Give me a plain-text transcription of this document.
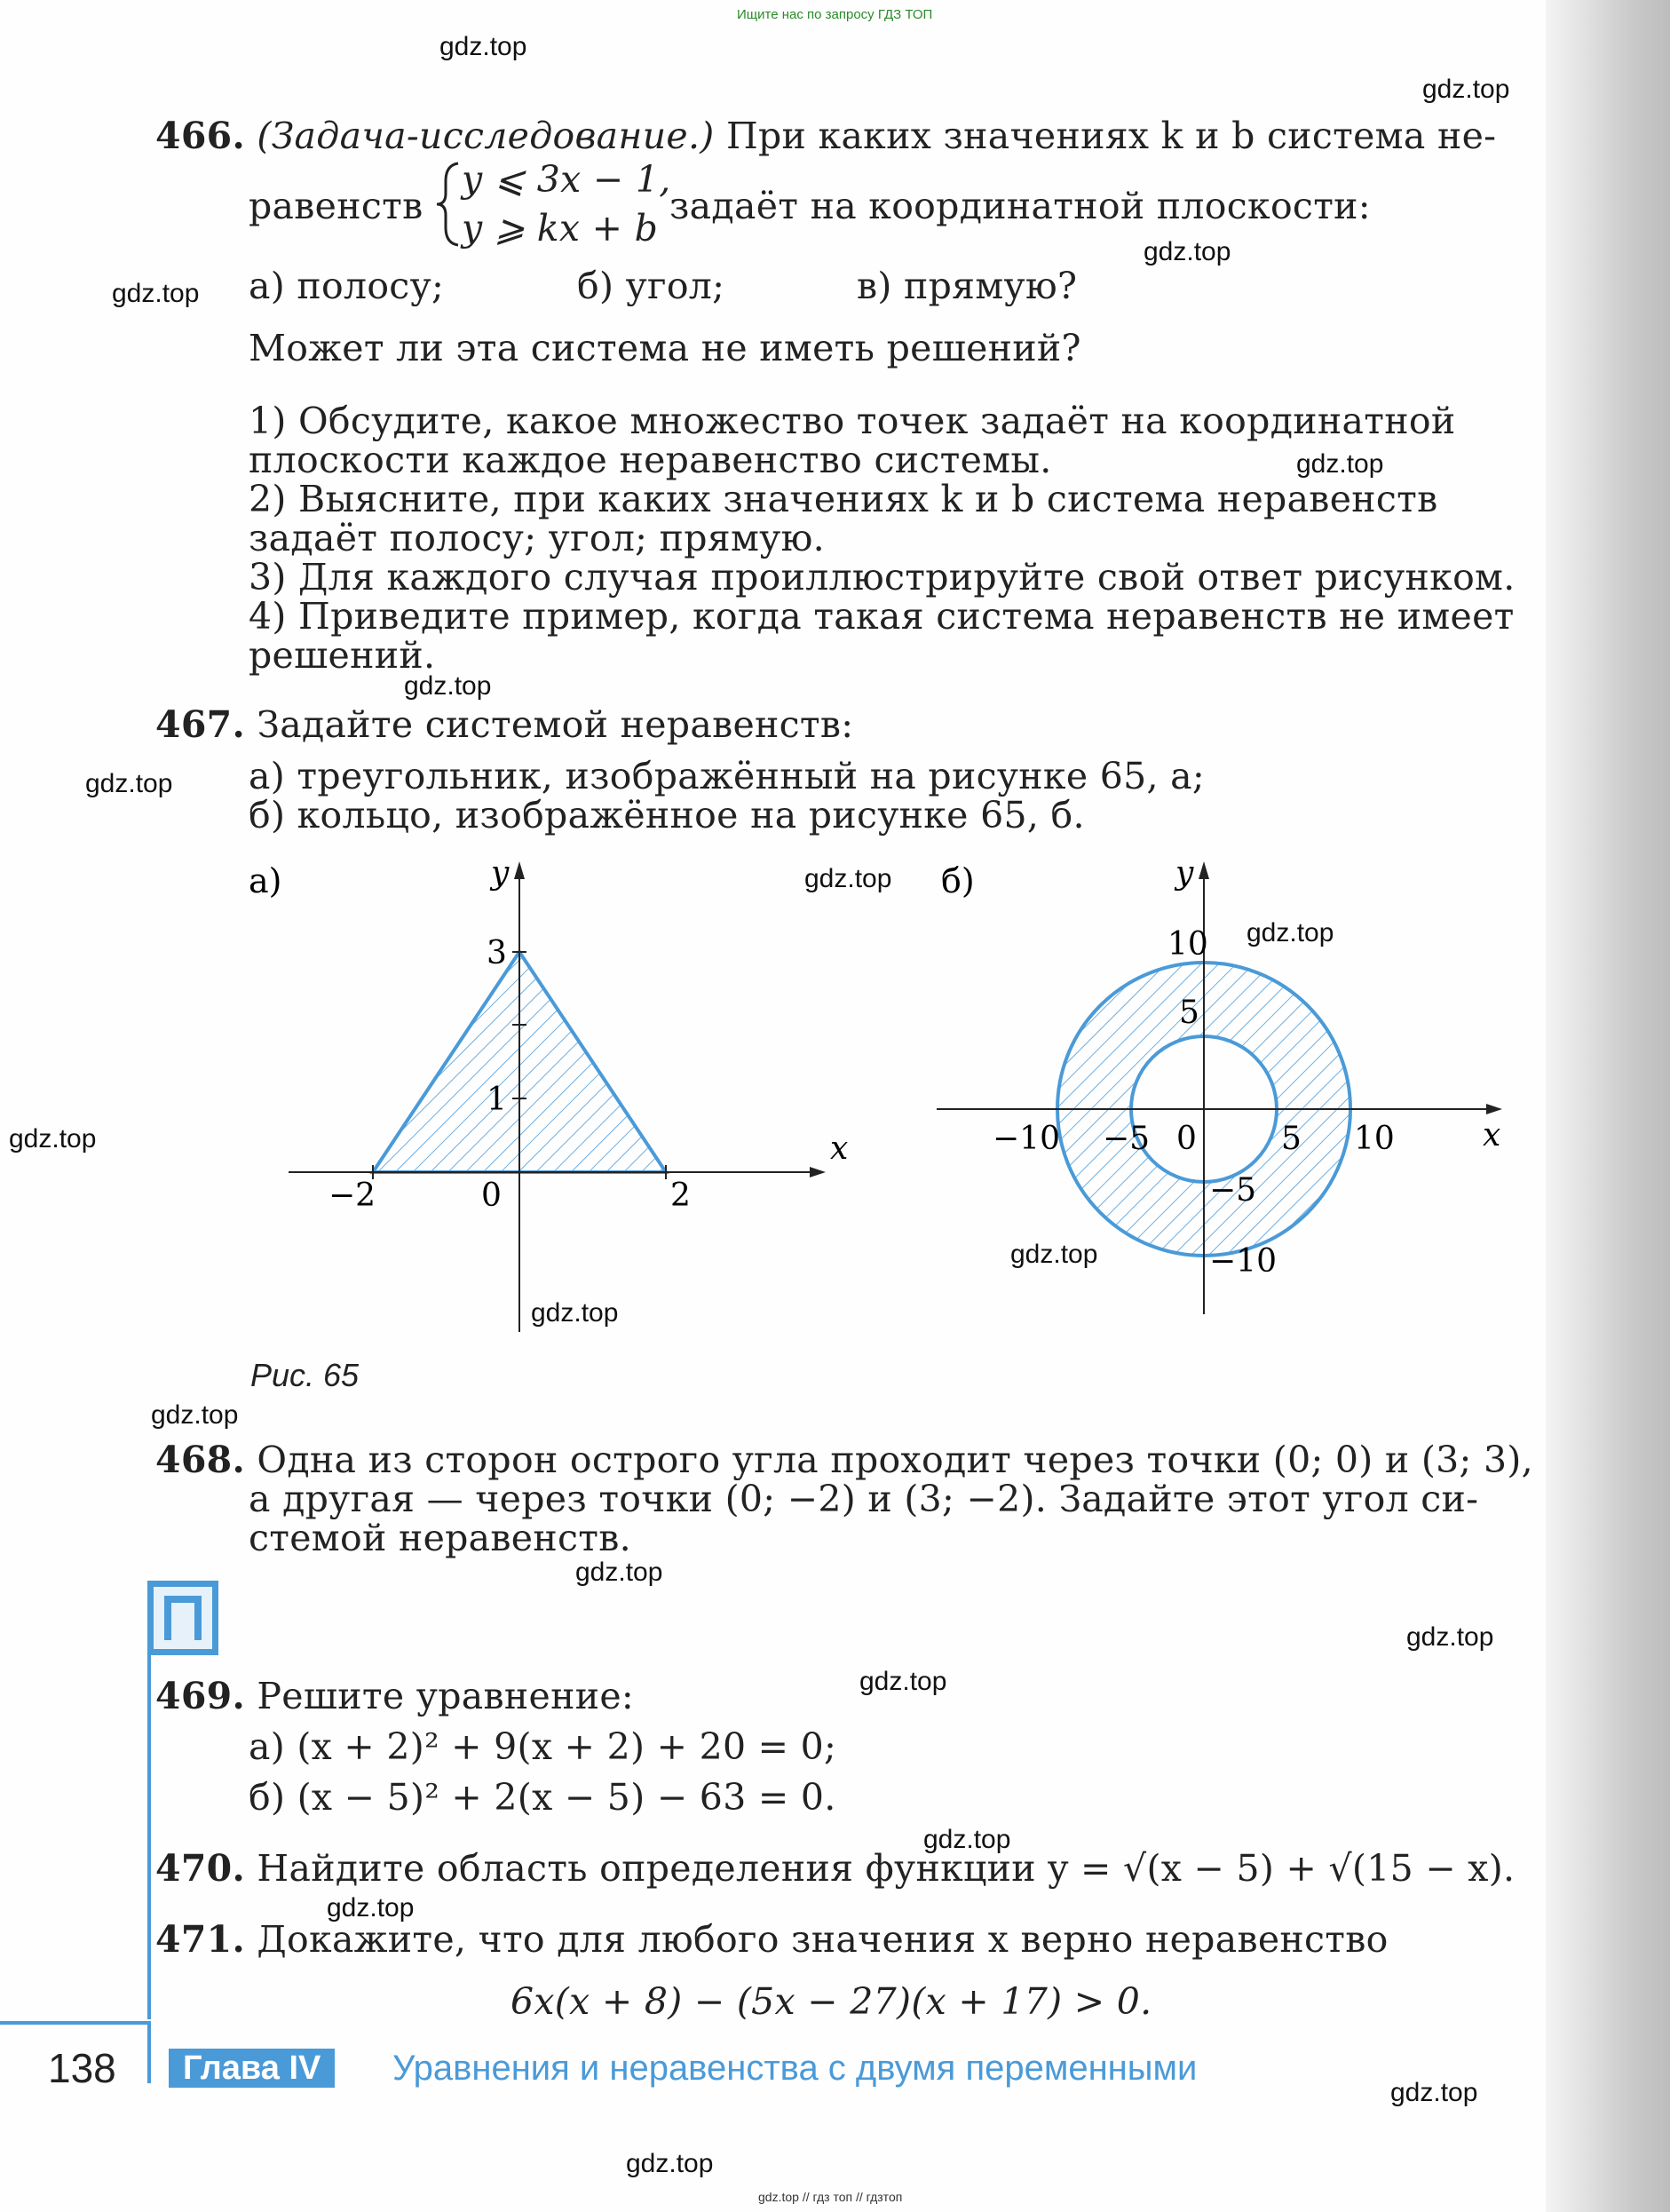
Ищите нас по запросу ГДЗ ТОП
gdz.top
gdz.top
gdz.top
gdz.top
gdz.top
gdz.top
gdz.top
gdz.top
gdz.top
gdz.top
gdz.top
gdz.top
gdz.top
gdz.top
gdz.top
gdz.top
gdz.top
gdz.top
gdz.top
gdz.top
466. (Задача-исследование.) При каких значениях k и b система не-
равенств
y ⩽ 3x − 1,
y ⩾ kx + b
задаёт на координатной плоскости:
а) полосу;	б) угол;	в) прямую?
Может ли эта система не иметь решений?
1) Обсудите, какое множество точек задаёт на координатной
плоскости каждое неравенство системы.
2) Выясните, при каких значениях k и b система неравенств
задаёт полосу; угол; прямую.
3) Для каждого случая проиллюстрируйте свой ответ рисунком.
4) Приведите пример, когда такая система неравенств не имеет
решений.
467. Задайте системой неравенств:
а) треугольник, изображённый на рисунке 65, а;
б) кольцо, изображённое на рисунке 65, б.
а)
x
y
0
−2	2
1
3
б)
x
y
0
−10 −5	5 10
10
5
−5
−10
Рис. 65
468. Одна из сторон острого угла проходит через точки (0; 0) и (3; 3),
а другая — через точки (0; −2) и (3; −2). Задайте этот угол си-
стемой неравенств.
469. Решите уравнение:
а) (x + 2)² + 9(x + 2) + 20 = 0;
б) (x − 5)² + 2(x − 5) − 63 = 0.
470. Найдите область определения функции y = √(x − 5) + √(15 − x).
471. Докажите, что для любого значения x верно неравенство
6x(x + 8) − (5x − 27)(x + 17) > 0.
138	Глава IV	Уравнения и неравенства с двумя переменными
gdz.top // гдз топ // гдзтоп
